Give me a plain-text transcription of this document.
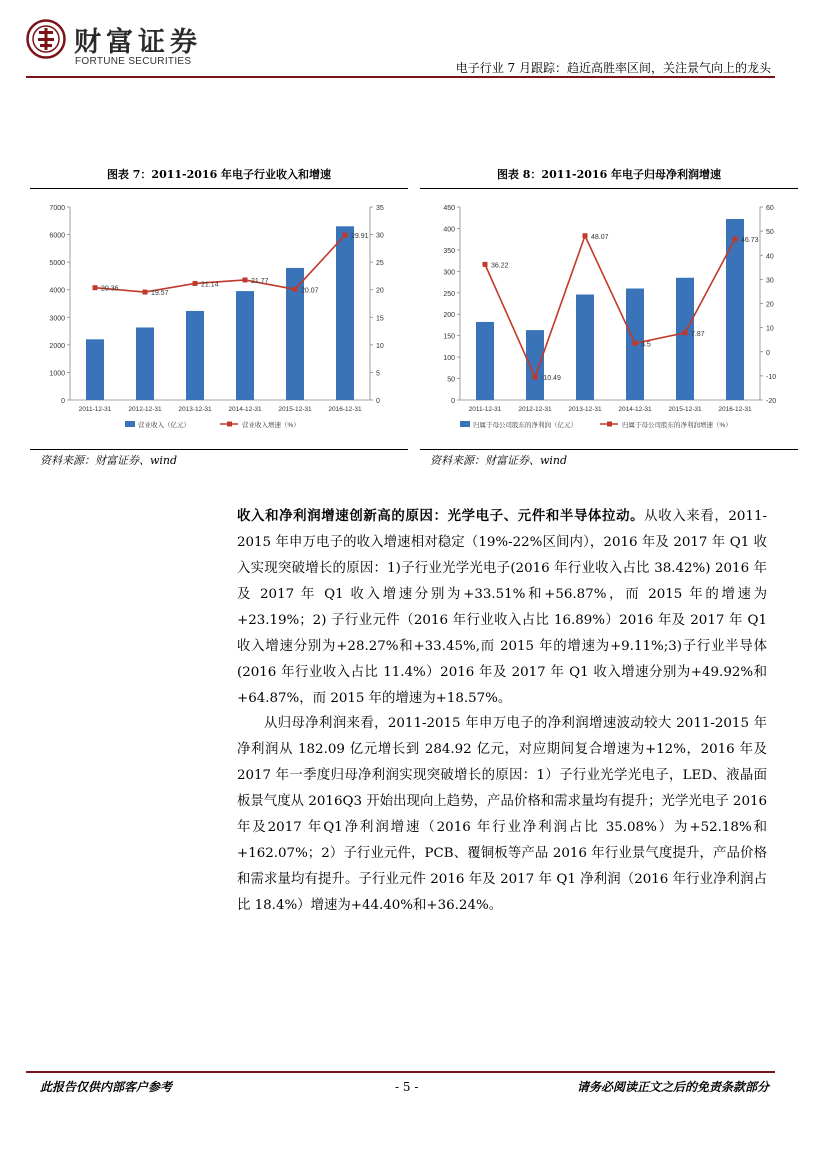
财富证券
FORTUNE SECURITIES	电子行业 7 月跟踪：趋近高胜率区间，关注景气向上的龙头
图表 7：2011-2016 年电子行业收入和增速
0
1000
2000
3000
4000
5000
6000
7000
0
5
10
15
20
25
30
35
2011-12-31	2012-12-31	2013-12-31	2014-12-31	2015-12-31	2016-12-31
20.36
19.57
21.14	21.77
20.07
29.91
营业收入（亿元）	营业收入增速（%）
资料来源：财富证券、wind
图表 8：2011-2016 年电子归母净利润增速
0
50
100
150
200
250
300
350
400
450
-20
-10
0
10
20
30
40
50
60
2011-12-31	2012-12-31	2013-12-31	2014-12-31	2015-12-31	2016-12-31
36.22
-10.49
48.07
3.5
7.87
46.73
归属于母公司股东的净利润（亿元）	归属于母公司股东的净利润增速（%）
资料来源：财富证券、wind
收入和净利润增速创新高的原因：光学电子、元件和半导体拉动。从收入来看，2011-2015 年申万电子的收入增速相对稳定（19%-22%区间内），2016 年及 2017 年 Q1 收入实现突破增长的原因：1)子行业光学光电子(2016 年行业收入占比 38.42%) 2016 年及 2017 年 Q1 收入增速分别为+33.51%和+56.87%，而 2015 年的增速为+23.19%；2) 子行业元件（2016 年行业收入占比 16.89%）2016 年及 2017 年 Q1 收入增速分别为+28.27%和+33.45%,而 2015 年的增速为+9.11%;3)子行业半导体(2016 年行业收入占比 11.4%）2016 年及 2017 年 Q1 收入增速分别为+49.92%和+64.87%，而 2015 年的增速为+18.57%。
从归母净利润来看，2011-2015 年申万电子的净利润增速波动较大 2011-2015 年净利润从 182.09 亿元增长到 284.92 亿元，对应期间复合增速为+12%，2016 年及 2017 年一季度归母净利润实现突破增长的原因：1）子行业光学光电子，LED、液晶面板景气度从 2016Q3 开始出现向上趋势，产品价格和需求量均有提升；光学光电子 2016 年及2017 年Q1净利润增速（2016 年行业净利润占比 35.08%）为+52.18%和+162.07%；2）子行业元件，PCB、覆铜板等产品 2016 年行业景气度提升，产品价格和需求量均有提升。子行业元件 2016 年及 2017 年 Q1 净利润（2016 年行业净利润占比 18.4%）增速为+44.40%和+36.24%。
此报告仅供内部客户参考	- 5 -	请务必阅读正文之后的免责条款部分
